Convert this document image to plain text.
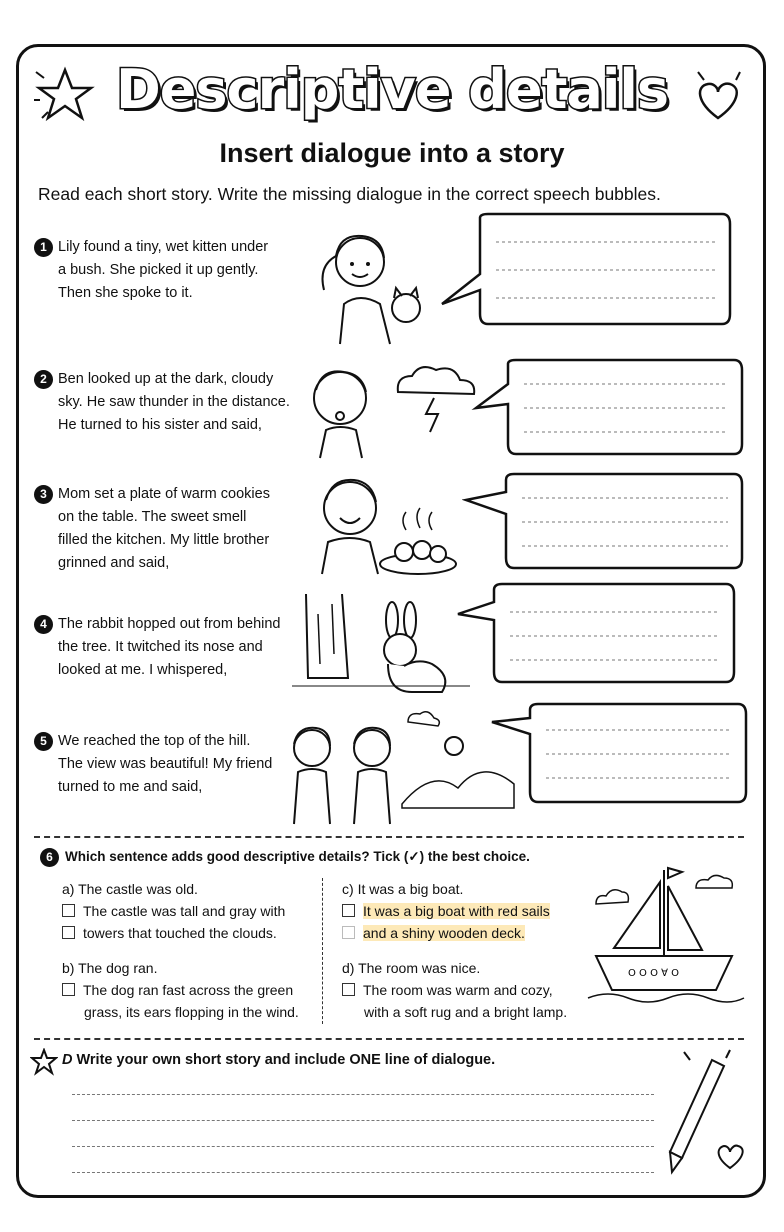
Descriptive details
Insert dialogue into a story
Read each short story. Write the missing dialogue in the correct speech bubbles.
1 Lily found a tiny, wet kitten under
a bush. She picked it up gently.
Then she spoke to it.
2 Ben looked up at the dark, cloudy
sky. He saw thunder in the distance.
He turned to his sister and said,
3 Mom set a plate of warm cookies
on the table. The sweet smell
filled the kitchen. My little brother
grinned and said,
4 The rabbit hopped out from behind
the tree. It twitched its nose and
looked at me. I whispered,
5 We reached the top of the hill.
The view was beautiful! My friend
turned to me and said,
6 Which sentence adds good descriptive details? Tick (✓) the best choice.
a) The castle was old.
The castle was tall and gray with
towers that touched the clouds.
b) The dog ran.
The dog ran fast across the green

grass, its ears flopping in the wind.
c) It was a big boat.
It was a big boat with red sails
and a shiny wooden deck.
d) The room was nice.
The room was warm and cozy,

with a soft rug and a bright lamp.
O O O ∀ O
D Write your own short story and include ONE line of dialogue.
